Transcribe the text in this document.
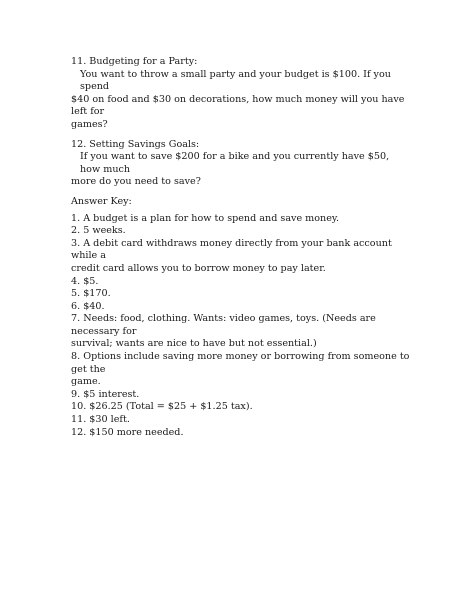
11. Budgeting for a Party:
You want to throw a small party and your budget is $100. If you spend
$40 on food and $30 on decorations, how much money will you have left for
games?
12. Setting Savings Goals:
If you want to save $200 for a bike and you currently have $50, how much
more do you need to save?
Answer Key:
1. A budget is a plan for how to spend and save money.
2. 5 weeks.
3. A debit card withdraws money directly from your bank account while a
credit card allows you to borrow money to pay later.
4. $5.
5. $170.
6. $40.
7. Needs: food, clothing. Wants: video games, toys. (Needs are necessary for
survival; wants are nice to have but not essential.)
8. Options include saving more money or borrowing from someone to get the
game.
9. $5 interest.
10. $26.25 (Total = $25 + $1.25 tax).
11. $30 left.
12. $150 more needed.
